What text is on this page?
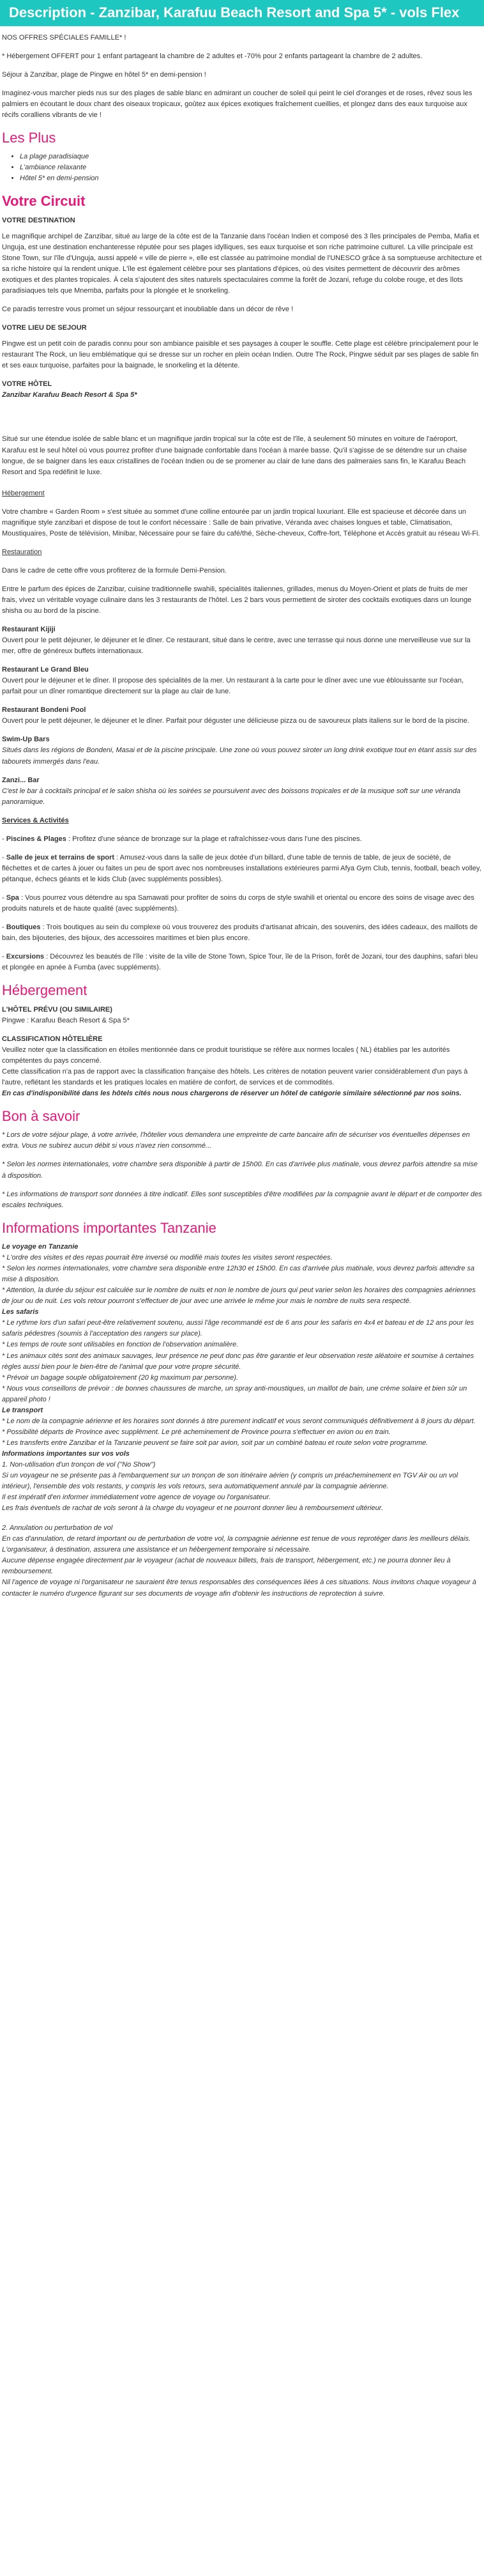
Description - Zanzibar, Karafuu Beach Resort and Spa 5* - vols Flex

NOS OFFRES SPÉCIALES FAMILLE* !

* Hébergement OFFERT pour 1 enfant partageant la chambre de 2 adultes et -70% pour 2 enfants partageant la chambre de 2 adultes.

Séjour à Zanzibar, plage de Pingwe en hôtel 5* en demi-pension !

Imaginez-vous marcher pieds nus sur des plages de sable blanc en admirant un coucher de soleil qui peint le ciel d'oranges et de roses, rêvez sous les palmiers en écoutant le doux chant des oiseaux tropicaux, goûtez aux épices exotiques fraîchement cueillies, et plongez dans des eaux turquoise aux récifs coralliens vibrants de vie !

Les Plus
• La plage paradisiaque
• L'ambiance relaxante
• Hôtel 5* en demi-pension
Votre Circuit

VOTRE DESTINATION

Le magnifique archipel de Zanzibar, situé au large de la côte est de la Tanzanie dans l'océan Indien et composé des 3 îles principales de Pemba, Mafia et Unguja, est une destination enchanteresse réputée pour ses plages idylliques, ses eaux turquoise et son riche patrimoine culturel. La ville principale est Stone Town, sur l'île d'Unguja, aussi appelé « ville de pierre », elle est classée au patrimoine mondial de l'UNESCO grâce à sa somptueuse architecture et sa riche histoire qui la rendent unique. L'île est également célèbre pour ses plantations d'épices, où des visites permettent de découvrir des arômes exotiques et des plantes tropicales. À cela s'ajoutent des sites naturels spectaculaires comme la forêt de Jozani, refuge du colobe rouge, et des îlots paradisiaques tels que Mnemba, parfaits pour la plongée et le snorkeling.

Ce paradis terrestre vous promet un séjour ressourçant et inoubliable dans un décor de rêve !

VOTRE LIEU DE SEJOUR

Pingwe est un petit coin de paradis connu pour son ambiance paisible et ses paysages à couper le souffle. Cette plage est célèbre principalement pour le restaurant The Rock, un lieu emblématique qui se dresse sur un rocher en plein océan Indien. Outre The Rock, Pingwe séduit par ses plages de sable fin et ses eaux turquoise, parfaites pour la baignade, le snorkeling et la détente.

VOTRE HÔTEL

Zanzibar Karafuu Beach Resort & Spa 5*

Situé sur une étendue isolée de sable blanc et un magnifique jardin tropical sur la côte est de l'île, à seulement 50 minutes en voiture de l'aéroport, Karafuu est le seul hôtel où vous pourrez profiter d'une baignade confortable dans l'océan à marée basse. Qu'il s'agisse de se détendre sur un chaise longue, de se baigner dans les eaux cristallines de l'océan Indien ou de se promener au clair de lune dans des palmeraies sans fin, le Karafuu Beach Resort and Spa redéfinit le luxe.

Hébergement

Votre chambre « Garden Room » s'est située au sommet d'une colline entourée par un jardin tropical luxuriant. Elle est spacieuse et décorée dans un magnifique style zanzibari et dispose de tout le confort nécessaire : Salle de bain privative, Véranda avec chaises longues et table, Climatisation, Moustiquaires, Poste de télévision, Minibar, Nécessaire pour se faire du café/thé, Sèche-cheveux, Coffre-fort, Téléphone et Accès gratuit au réseau Wi-Fi.

Restauration

Dans le cadre de cette offre vous profiterez de la formule Demi-Pension.

Entre le parfum des épices de Zanzibar, cuisine traditionnelle swahili, spécialités italiennes, grillades, menus du Moyen-Orient et plats de fruits de mer frais, vivez un véritable voyage culinaire dans les 3 restaurants de l'hôtel. Les 2 bars vous permettent de siroter des cocktails exotiques dans un lounge shisha ou au bord de la piscine.

Restaurant Kijiji

Ouvert pour le petit déjeuner, le déjeuner et le dîner. Ce restaurant, situé dans le centre, avec une terrasse qui nous donne une merveilleuse vue sur la mer, offre de généreux buffets internationaux.

Restaurant Le Grand Bleu

Ouvert pour le déjeuner et le dîner. Il propose des spécialités de la mer. Un restaurant à la carte pour le dîner avec une vue éblouissante sur l'océan, parfait pour un dîner romantique directement sur la plage au clair de lune.

Restaurant Bondeni Pool

Ouvert pour le petit déjeuner, le déjeuner et le dîner. Parfait pour déguster une délicieuse pizza ou de savoureux plats italiens sur le bord de la piscine.

Swim-Up Bars

Situés dans les régions de Bondeni, Masai et de la piscine principale. Une zone où vous pouvez siroter un long drink exotique tout en étant assis sur des tabourets immergés dans l'eau.

Zanzi... Bar

C'est le bar à cocktails principal et le salon shisha où les soirées se poursuivent avec des boissons tropicales et de la musique soft sur une véranda panoramique.

Services & Activités

- Piscines & Plages : Profitez d'une séance de bronzage sur la plage et rafraîchissez-vous dans l'une des piscines.

- Salle de jeux et terrains de sport : Amusez-vous dans la salle de jeux dotée d'un billard, d'une table de tennis de table, de jeux de société, de fléchettes et de cartes à jouer ou faites un peu de sport avec nos nombreuses installations extérieures parmi Afya Gym Club, tennis, football, beach volley, pétanque, échecs géants et le kids Club (avec suppléments possibles).

- Spa : Vous pourrez vous détendre au spa Samawati pour profiter de soins du corps de style swahili et oriental ou encore des soins de visage avec des produits naturels et de haute qualité (avec suppléments).

- Boutiques : Trois boutiques au sein du complexe où vous trouverez des produits d'artisanat africain, des souvenirs, des idées cadeaux, des maillots de bain, des bijouteries, des bijoux, des accessoires maritimes et bien plus encore.

- Excursions : Découvrez les beautés de l'île : visite de la ville de Stone Town, Spice Tour, île de la Prison, forêt de Jozani, tour des dauphins, safari bleu et plongée en apnée à Fumba (avec suppléments).

Hébergement

L'HÔTEL PRÉVU (OU SIMILAIRE)

Pingwe : Karafuu Beach Resort & Spa 5*

CLASSIFICATION HÔTELIÈRE

Veuillez noter que la classification en étoiles mentionnée dans ce produit touristique se réfère aux normes locales ( NL) établies par les autorités compétentes du pays concerné.

Cette classification n'a pas de rapport avec la classification française des hôtels. Les critères de notation peuvent varier considérablement d'un pays à l'autre, reflétant les standards et les pratiques locales en matière de confort, de services et de commodités.

En cas d'indisponibilité dans les hôtels cités nous nous chargerons de réserver un hôtel de catégorie similaire sélectionné par nos soins.

Bon à savoir

* Lors de votre séjour plage, à votre arrivée, l'hôtelier vous demandera une empreinte de carte bancaire afin de sécuriser vos éventuelles dépenses en extra. Vous ne subirez aucun débit si vous n'avez rien consommé...

* Selon les normes internationales, votre chambre sera disponible à partir de 15h00. En cas d'arrivée plus matinale, vous devrez parfois attendre sa mise à disposition.

* Les informations de transport sont données à titre indicatif. Elles sont susceptibles d'être modifiées par la compagnie avant le départ et de comporter des escales techniques.

Informations importantes Tanzanie

Le voyage en Tanzanie

* L'ordre des visites et des repas pourrait être inversé ou modifié mais toutes les visites seront respectées.

* Selon les normes internationales, votre chambre sera disponible entre 12h30 et 15h00. En cas d'arrivée plus matinale, vous devrez parfois attendre sa mise à disposition.

* Attention, la durée du séjour est calculée sur le nombre de nuits et non le nombre de jours qui peut varier selon les horaires des compagnies aériennes de jour ou de nuit. Les vols retour pourront s'effectuer de jour avec une arrivée le même jour mais le nombre de nuits sera respecté.

Les safaris

* Le rythme lors d'un safari peut-être relativement soutenu, aussi l'âge recommandé est de 6 ans pour les safaris en 4x4 et bateau et de 12 ans pour les safaris pédestres (soumis à l'acceptation des rangers sur place).

* Les temps de route sont utilisables en fonction de l'observation animalière.

* Les animaux cités sont des animaux sauvages, leur présence ne peut donc pas être garantie et leur observation reste aléatoire et soumise à certaines règles aussi bien pour le bien-être de l'animal que pour votre propre sécurité.

* Prévoir un bagage souple obligatoirement (20 kg maximum par personne).

* Nous vous conseillons de prévoir : de bonnes chaussures de marche, un spray anti-moustiques, un maillot de bain, une crème solaire et bien sûr un appareil photo !

Le transport

* Le nom de la compagnie aérienne et les horaires sont donnés à titre purement indicatif et vous seront communiqués définitivement à 8 jours du départ.

* Possibilité départs de Province avec supplément. Le pré acheminement de Province pourra s'effectuer en avion ou en train.

* Les transferts entre Zanzibar et la Tanzanie peuvent se faire soit par avion, soit par un combiné bateau et route selon votre programme.

Informations importantes sur vos vols

1. Non-utilisation d'un tronçon de vol ("No Show")

Si un voyageur ne se présente pas à l'embarquement sur un tronçon de son itinéraire aérien (y compris un préacheminement en TGV Air ou un vol intérieur), l'ensemble des vols restants, y compris les vols retours, sera automatiquement annulé par la compagnie aérienne.

Il est impératif d'en informer immédiatement votre agence de voyage ou l'organisateur.

Les frais éventuels de rachat de vols seront à la charge du voyageur et ne pourront donner lieu à remboursement ultérieur.

2. Annulation ou perturbation de vol

En cas d'annulation, de retard important ou de perturbation de votre vol, la compagnie aérienne est tenue de vous reprotéger dans les meilleurs délais.

L'organisateur, à destination, assurera une assistance et un hébergement temporaire si nécessaire.

Aucune dépense engagée directement par le voyageur (achat de nouveaux billets, frais de transport, hébergement, etc.) ne pourra donner lieu à remboursement.

Nil l'agence de voyage ni l'organisateur ne sauraient être tenus responsables des conséquences liées à ces situations. Nous invitons chaque voyageur à contacter le numéro d'urgence figurant sur ses documents de voyage afin d'obtenir les instructions de reprotection à suivre.
